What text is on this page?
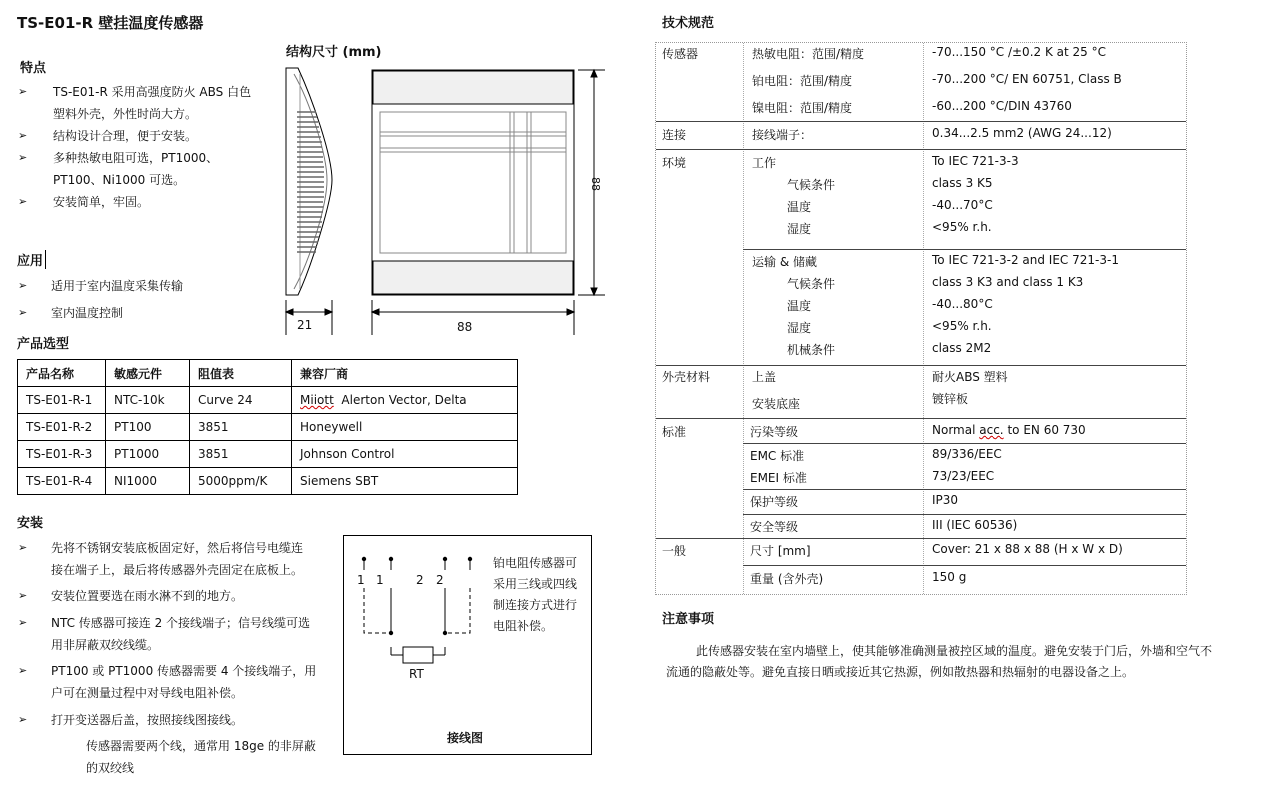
TS-E01-R 壁挂温度传感器
特点
➢ TS-E01-R 采用高强度防火 ABS 白色
塑料外壳，外性时尚大方。
➢ 结构设计合理，便于安装。
➢ 多种热敏电阻可选，PT1000、
PT100、Ni1000 可选。
➢ 安装简单，牢固。
应用
➢ 适用于室内温度采集传输
➢ 室内温度控制
结构尺寸 (mm)
21	88
88
产品选型
产品名称	敏感元件	阻值表	兼容厂商
TS-E01-R-1	NTC-10k	Curve 24	Miiott Alerton Vector, Delta
TS-E01-R-2	PT100	3851	Honeywell
TS-E01-R-3	PT1000	3851	Johnson Control
TS-E01-R-4	NI1000	5000ppm/K	Siemens SBT
安装
➢ 先将不锈钢安装底板固定好，然后将信号电缆连
接在端子上，最后将传感器外壳固定在底板上。
➢ 安装位置要选在雨水淋不到的地方。
➢ NTC 传感器可接连 2 个接线端子；信号线缆可选
用非屏蔽双绞线缆。
➢ PT100 或 PT1000 传感器需要 4 个接线端子，用
户可在测量过程中对导线电阻补偿。
➢ 打开变送器后盖，按照接线图接线。
传感器需要两个线，通常用 18ge 的非屏蔽
的双绞线
1 1	2 2
RT
接线图
铂电阻传感器可
采用三线或四线
制连接方式进行
电阻补偿。
技术规范
传感器	热敏电阻：范围/精度	-70...150 °C /±0.2 K at 25 °C
铂电阻：范围/精度	-70...200 °C/ EN 60751, Class B
镍电阻：范围/精度	-60...200 °C/DIN 43760
连接	接线端子：	0.34...2.5 mm2 (AWG 24...12)
环境	工作	To IEC 721-3-3
气候条件	class 3 K5
温度	-40...70°C
湿度	<95% r.h.
运输 & 储藏	To IEC 721-3-2 and IEC 721-3-1
气候条件	class 3 K3 and class 1 K3
温度	-40...80°C
湿度	<95% r.h.
机械条件	class 2M2
外壳材料	上盖	耐火ABS 塑料
安装底座	镀锌板
标准	污染等级	Normal acc. to EN 60 730
EMC 标准	89/336/EEC
EMEI 标准	73/23/EEC
保护等级	IP30
安全等级	III (IEC 60536)
一般	尺寸 [mm]	Cover: 21 x 88 x 88 (H x W x D)
重量 (含外壳)	150 g
注意事项
此传感器安装在室内墙壁上，使其能够准确测量被控区域的温度。避免安装于门后，外墙和空气不
流通的隐蔽处等。避免直接日晒或接近其它热源，例如散热器和热辐射的电器设备之上。
